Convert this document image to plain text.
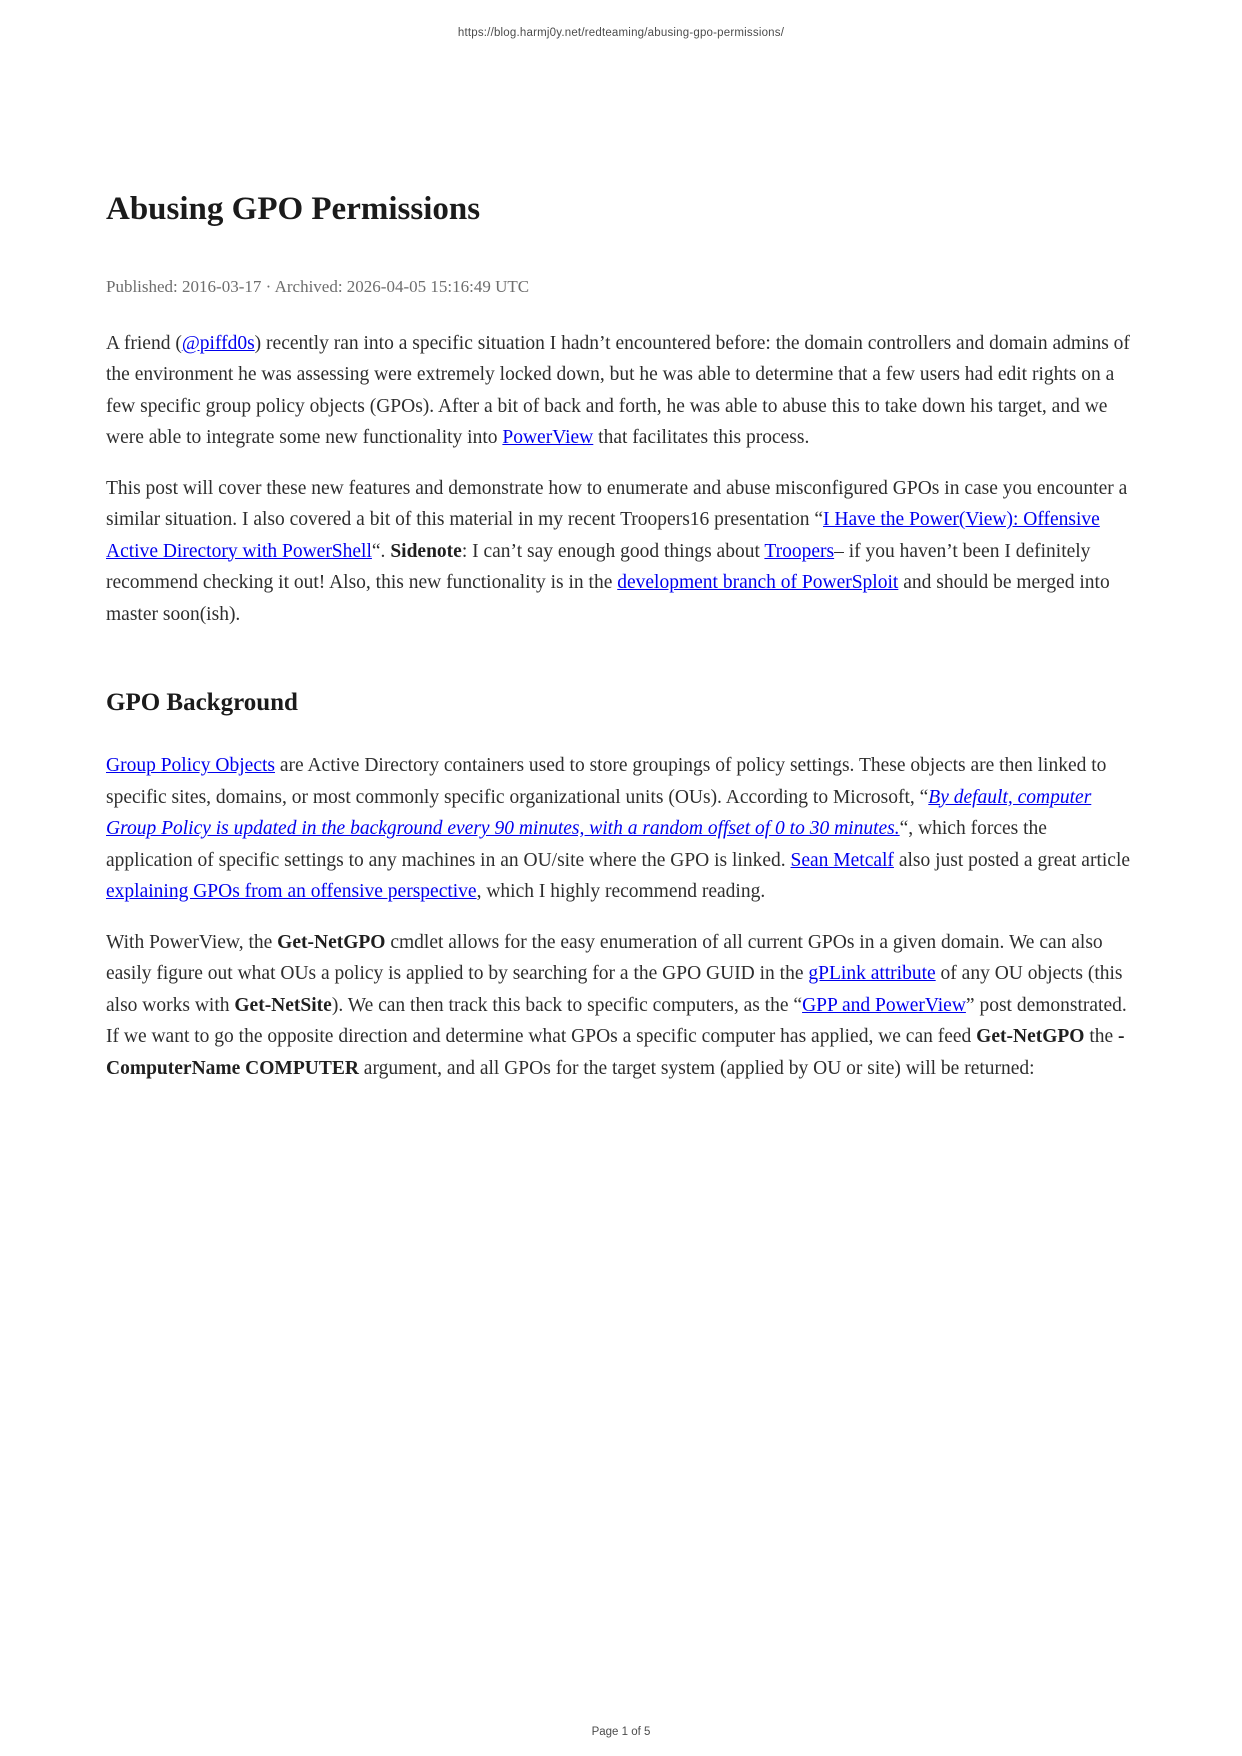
https://blog.harmj0y.net/redteaming/abusing-gpo-permissions/
Abusing GPO Permissions

Published: 2016-03-17 · Archived: 2026-04-05 15:16:49 UTC

A friend (@piffd0s) recently ran into a specific situation I hadn’t encountered before: the domain controllers and domain admins of the environment he was assessing were extremely locked down, but he was able to determine that a few users had edit rights on a few specific group policy objects (GPOs). After a bit of back and forth, he was able to abuse this to take down his target, and we were able to integrate some new functionality into PowerView that facilitates this process.

This post will cover these new features and demonstrate how to enumerate and abuse misconfigured GPOs in case you encounter a similar situation. I also covered a bit of this material in my recent Troopers16 presentation “I Have the Power(View): Offensive Active Directory with PowerShell“. Sidenote: I can’t say enough good things about Troopers– if you haven’t been I definitely recommend checking it out! Also, this new functionality is in the development branch of PowerSploit and should be merged into master soon(ish).

GPO Background

Group Policy Objects are Active Directory containers used to store groupings of policy settings. These objects are then linked to specific sites, domains, or most commonly specific organizational units (OUs). According to Microsoft, “By default, computer Group Policy is updated in the background every 90 minutes, with a random offset of 0 to 30 minutes.“, which forces the application of specific settings to any machines in an OU/site where the GPO is linked. Sean Metcalf also just posted a great article explaining GPOs from an offensive perspective, which I highly recommend reading.

With PowerView, the Get-NetGPO cmdlet allows for the easy enumeration of all current GPOs in a given domain. We can also easily figure out what OUs a policy is applied to by searching for a the GPO GUID in the gPLink attribute of any OU objects (this also works with Get-NetSite). We can then track this back to specific computers, as the “GPP and PowerView” post demonstrated. If we want to go the opposite direction and determine what GPOs a specific computer has applied, we can feed Get-NetGPO the -ComputerName COMPUTER argument, and all GPOs for the target system (applied by OU or site) will be returned:

Page 1 of 5
